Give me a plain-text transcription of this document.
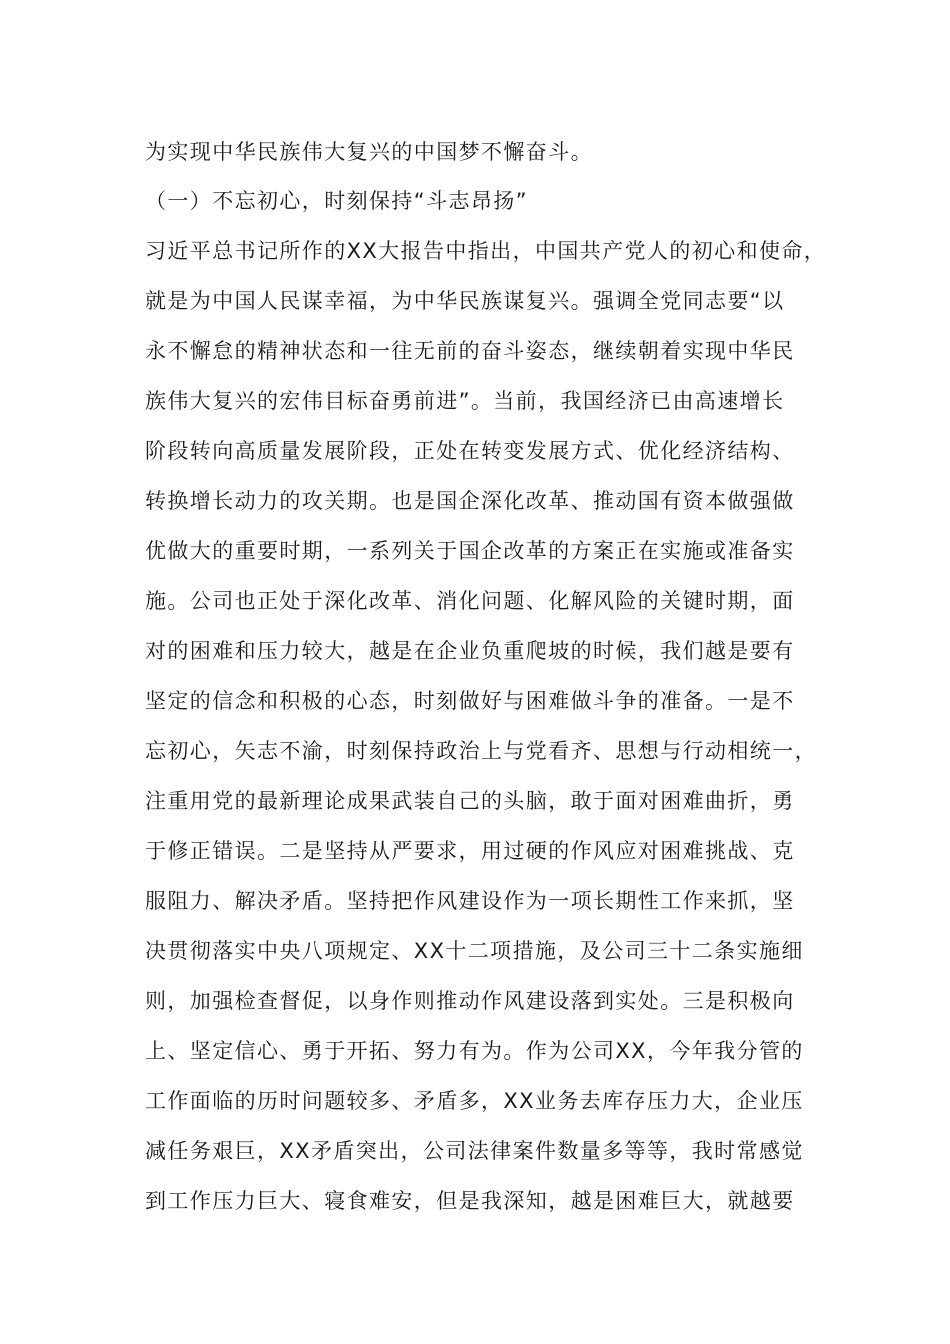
为实现中华民族伟大复兴的中国梦不懈奋斗。
（一）不忘初心，时刻保持“斗志昂扬”
习近平总书记所作的XX大报告中指出，中国共产党人的初心和使命，
就是为中国人民谋幸福，为中华民族谋复兴。强调全党同志要“以
永不懈怠的精神状态和一往无前的奋斗姿态，继续朝着实现中华民
族伟大复兴的宏伟目标奋勇前进”。当前，我国经济已由高速增长
阶段转向高质量发展阶段，正处在转变发展方式、优化经济结构、
转换增长动力的攻关期。也是国企深化改革、推动国有资本做强做
优做大的重要时期，一系列关于国企改革的方案正在实施或准备实
施。公司也正处于深化改革、消化问题、化解风险的关键时期，面
对的困难和压力较大，越是在企业负重爬坡的时候，我们越是要有
坚定的信念和积极的心态，时刻做好与困难做斗争的准备。一是不
忘初心，矢志不渝，时刻保持政治上与党看齐、思想与行动相统一，
注重用党的最新理论成果武装自己的头脑，敢于面对困难曲折，勇
于修正错误。二是坚持从严要求，用过硬的作风应对困难挑战、克
服阻力、解决矛盾。坚持把作风建设作为一项长期性工作来抓，坚
决贯彻落实中央八项规定、XX十二项措施，及公司三十二条实施细
则，加强检查督促，以身作则推动作风建设落到实处。三是积极向
上、坚定信心、勇于开拓、努力有为。作为公司XX，今年我分管的
工作面临的历时问题较多、矛盾多，XX业务去库存压力大，企业压
减任务艰巨，XX矛盾突出，公司法律案件数量多等等，我时常感觉
到工作压力巨大、寝食难安，但是我深知，越是困难巨大，就越要
